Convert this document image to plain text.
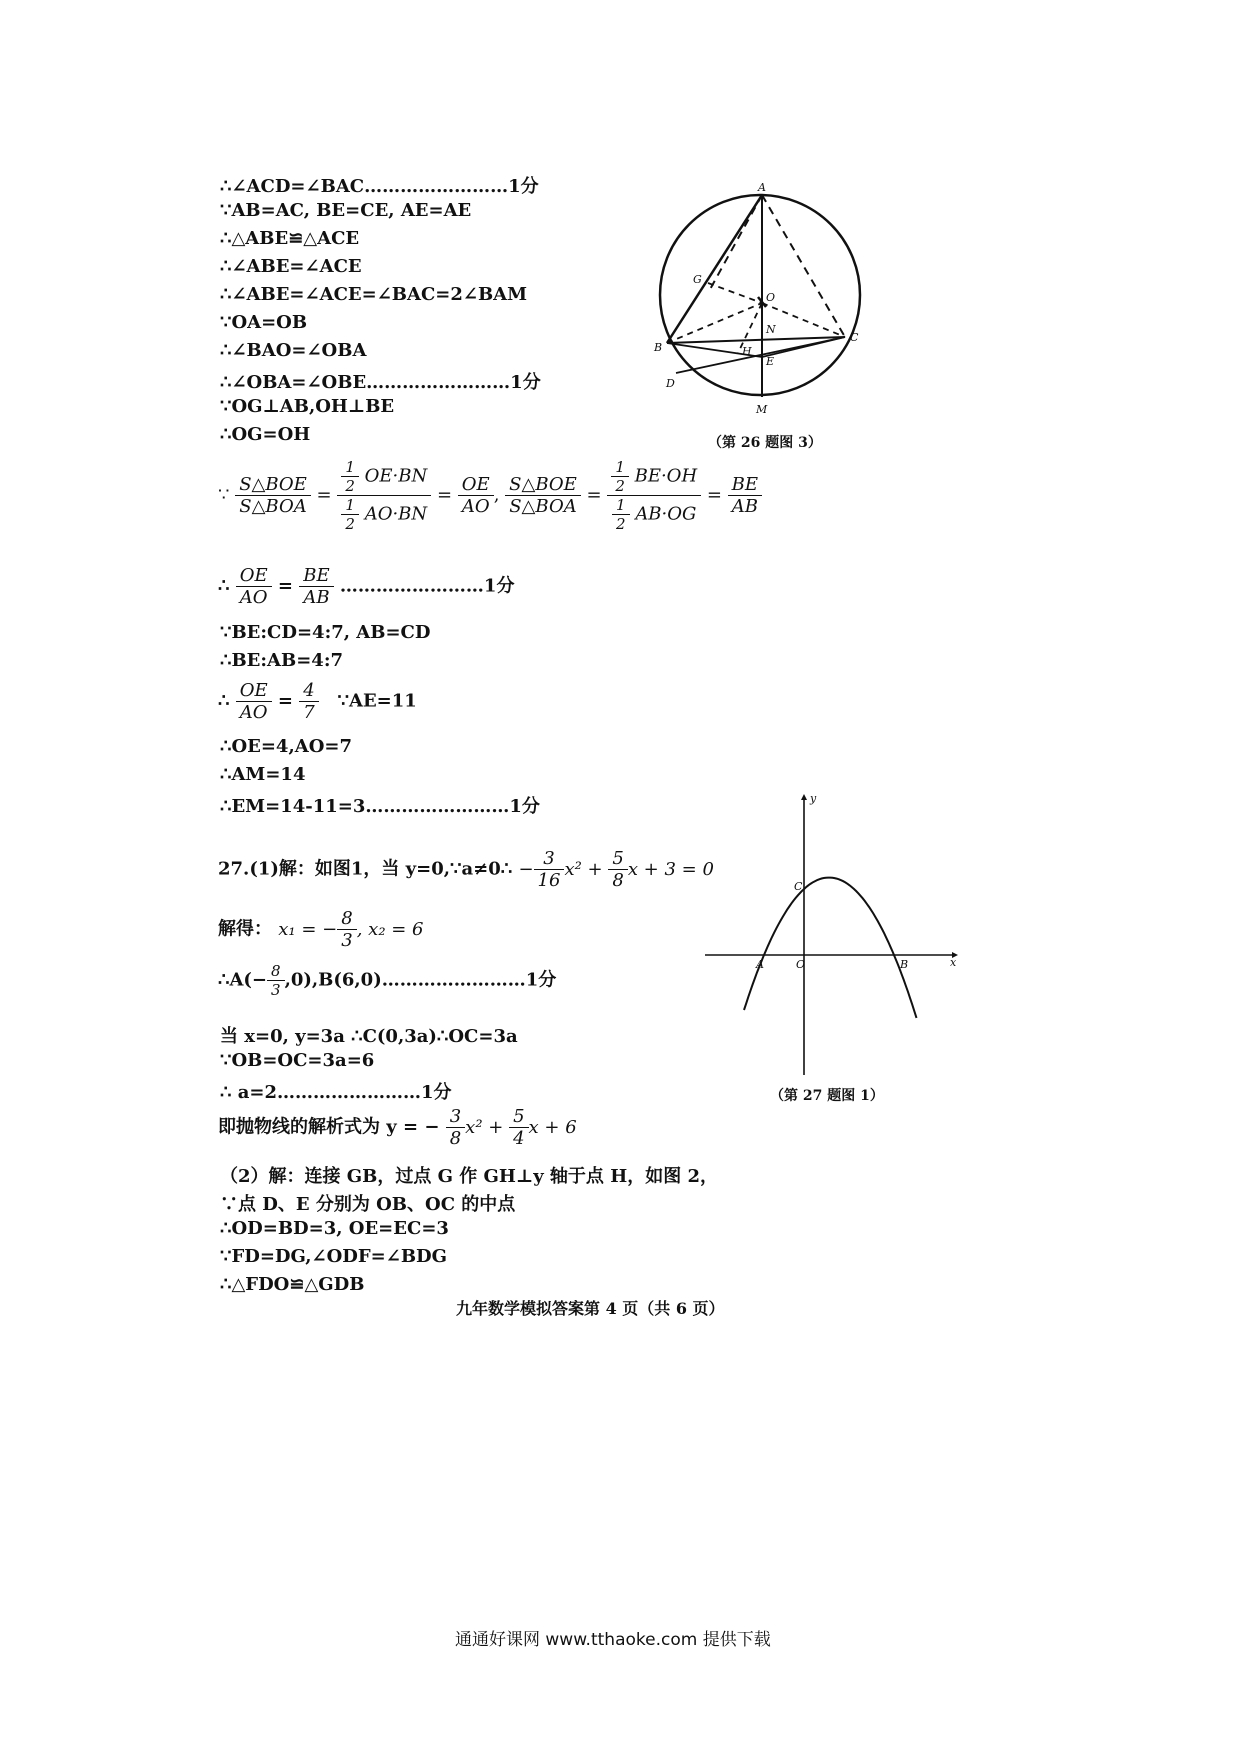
∴∠ACD=∠BAC……………………1分
∵AB=AC, BE=CE, AE=AE
∴△ABE≌△ACE
∴∠ABE=∠ACE
∴∠ABE=∠ACE=∠BAC=2∠BAM
∵OA=OB
∴∠BAO=∠OBA
∴∠OBA=∠OBE……………………1分
∵OG⊥AB,OH⊥BE
∴OG=OH
∵ $\frac{\text{S△BOE}}{\text{S△BOA}} = \frac{\frac{1}{2} OE\cdot BN}{\frac{1}{2} AO\cdot BN} = \frac{OE}{AO}$ , $\frac{\text{S△BOE}}{\text{S△BOA}} = \frac{\frac{1}{2} BE\cdot OH}{\frac{1}{2} AB\cdot OG} = \frac{BE}{AB}$
∴ $\frac{OE}{AO} = \frac{BE}{AB}$ ……………………1分
∵BE:CD=4:7, AB=CD
∴BE:AB=4:7
∴ $\frac{OE}{AO} = \frac{4}{7}$ ∵AE=11
∴OE=4,AO=7
∴AM=14
∴EM=14-11=3……………………1分
27.(1)解：如图1，当 y=0,∵a≠0∴ − $\frac{3}{16} x^2 + \frac{5}{8}$ x + 3 = 0
解得： x₁ = − $\frac{8}{3}$ , x₂ = 6
∴A(− $\frac{8}{3}$ ,0),B(6,0)……………………1分
当 x=0, y=3a ∴C(0,3a)∴OC=3a
∵OB=OC=3a=6
∴ a=2……………………1分
即抛物线的解析式为 y = − $\frac{3}{8} x^2 + \frac{5}{4}$ x + 6
（2）解：连接 GB，过点 G 作 GH⊥y 轴于点 H，如图 2，
∵点 D、E 分别为 OB、OC 的中点
∴OD=BD=3, OE=EC=3
∵FD=DG,∠ODF=∠BDG
∴△FDO≌△GDB
A
G
O
N
B
C
H
E
D
M
（第 26 题图 3）
y
C
A	O	B	x
（第 27 题图 1）
九年数学模拟答案第 4 页（共 6 页）
通通好课网 www.tthaoke.com 提供下载
